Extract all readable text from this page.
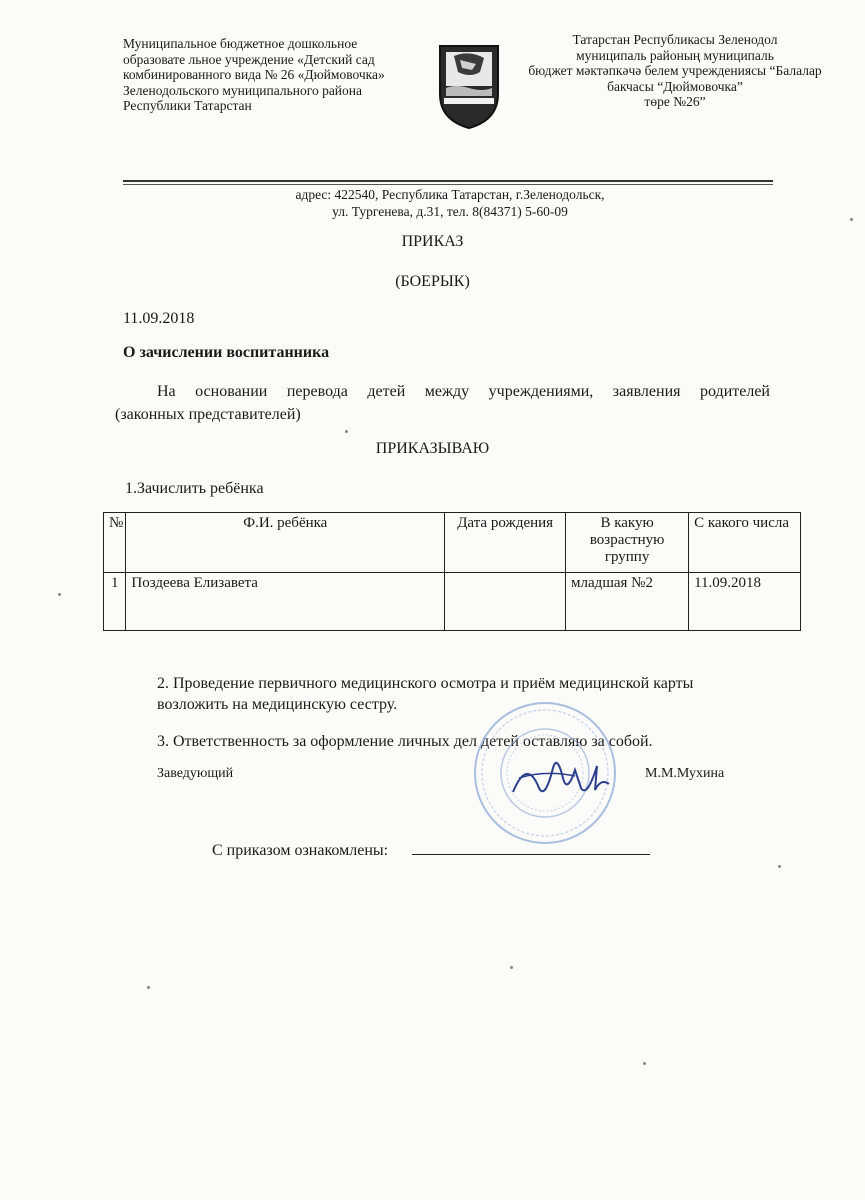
Муниципальное бюджетное дошкольное
образовате льное учреждение «Детский сад
комбинированного вида № 26 «Дюймовочка»
Зеленодольского муниципального района
Республики Татарстан
Татарстан Республикасы Зеленодол
муниципаль районың муниципаль
бюджет мәктәпкәчә белем учреждениясы “Балалар
бакчасы “Дюймовочка”
төре №26”
адрес: 422540, Республика Татарстан, г.Зеленодольск,
ул. Тургенева, д.31, тел. 8(84371) 5-60-09
ПРИКАЗ
(БОЕРЫК)
11.09.2018
О зачислении воспитанника
На основании перевода детей между учреждениями, заявления родителей
(законных представителей)
ПРИКАЗЫВАЮ
1.Зачислить ребёнка
№	Ф.И. ребёнка	Дата рождения	В какую возрастную группу	С какого числа
1	Поздеева Елизавета		младшая №2	11.09.2018
2. Проведение первичного медицинского осмотра и приём медицинской карты возложить на медицинскую сестру.
3. Ответственность за оформление личных дел детей оставляю за собой.
Заведующий	М.М.Мухина
С приказом ознакомлены:
